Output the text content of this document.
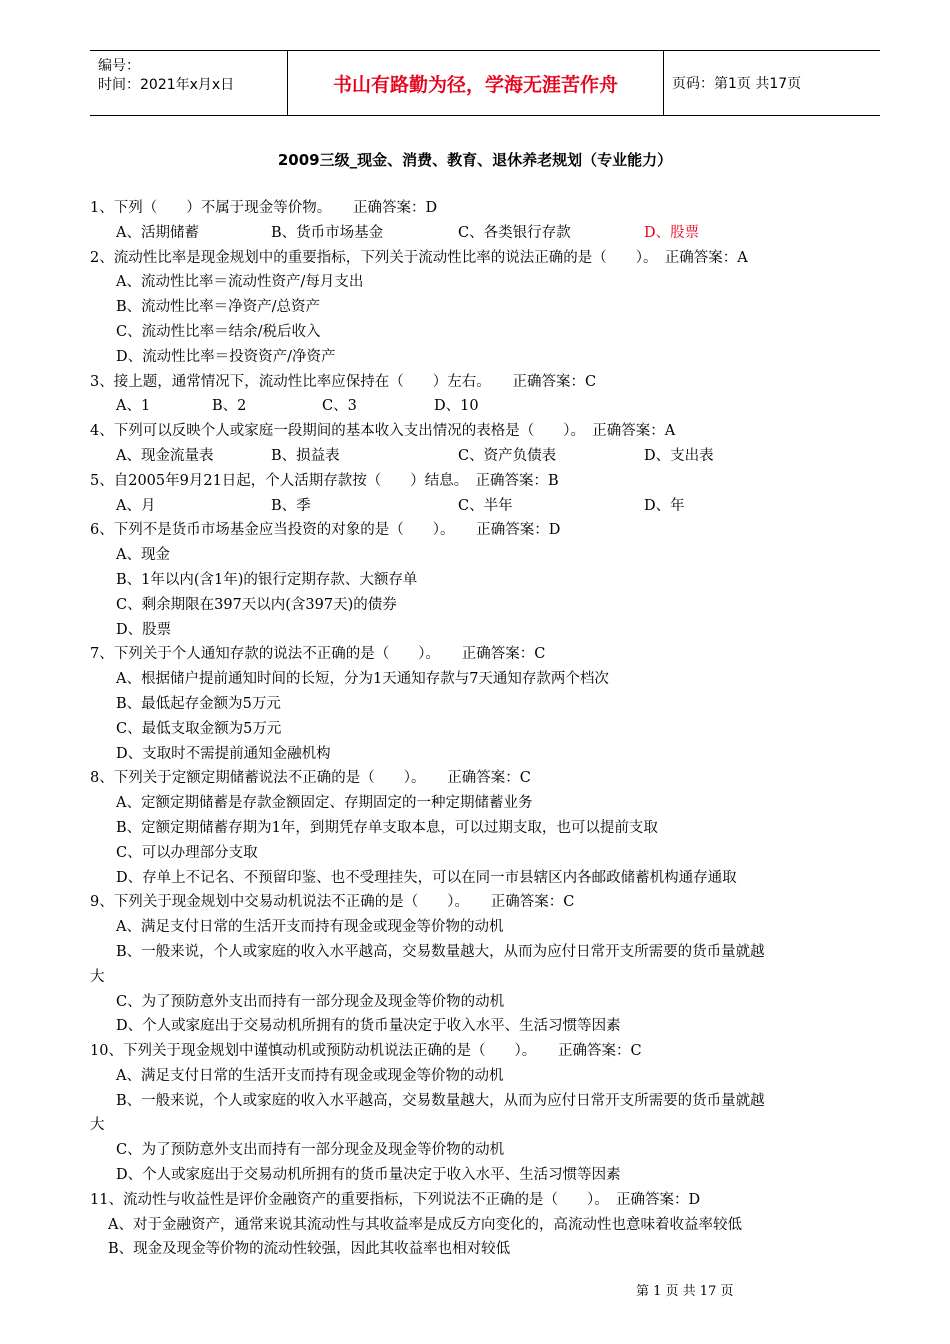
编号：
时间：2021年x月x日	书山有路勤为径，学海无涯苦作舟	页码：第1页 共17页
2009三级_现金、消费、教育、退休养老规划（专业能力）
1、下列（　　）不属于现金等价物。　　正确答案：D
A、活期储蓄	B、货币市场基金	C、各类银行存款	D、股票
2、流动性比率是现金规划中的重要指标，下列关于流动性比率的说法正确的是（　　）。　正确答案：A
A、流动性比率＝流动性资产/每月支出
B、流动性比率＝净资产/总资产
C、流动性比率＝结余/税后收入
D、流动性比率＝投资资产/净资产
3、接上题，通常情况下，流动性比率应保持在（　　）左右。　　正确答案：C
A、1	B、2	C、3	D、10
4、下列可以反映个人或家庭一段期间的基本收入支出情况的表格是（　　）。　正确答案：A
A、现金流量表	B、损益表	C、资产负债表	D、支出表
5、自2005年9月21日起，个人活期存款按（　　）结息。　正确答案：B
A、月	B、季	C、半年	D、年
6、下列不是货币市场基金应当投资的对象的是（　　）。　　正确答案：D
A、现金
B、1年以内(含1年)的银行定期存款、大额存单
C、剩余期限在397天以内(含397天)的债券
D、股票
7、下列关于个人通知存款的说法不正确的是（　　）。　　正确答案：C
A、根据储户提前通知时间的长短，分为1天通知存款与7天通知存款两个档次
B、最低起存金额为5万元
C、最低支取金额为5万元
D、支取时不需提前通知金融机构
8、下列关于定额定期储蓄说法不正确的是（　　）。　　正确答案：C
A、定额定期储蓄是存款金额固定、存期固定的一种定期储蓄业务
B、定额定期储蓄存期为1年，到期凭存单支取本息，可以过期支取，也可以提前支取
C、可以办理部分支取
D、存单上不记名、不预留印鉴、也不受理挂失，可以在同一市县辖区内各邮政储蓄机构通存通取
9、下列关于现金规划中交易动机说法不正确的是（　　）。　　正确答案：C
A、满足支付日常的生活开支而持有现金或现金等价物的动机
B、一般来说，个人或家庭的收入水平越高，交易数量越大，从而为应付日常开支所需要的货币量就越
大
C、为了预防意外支出而持有一部分现金及现金等价物的动机
D、个人或家庭出于交易动机所拥有的货币量决定于收入水平、生活习惯等因素
10、下列关于现金规划中谨慎动机或预防动机说法正确的是（　　）。　　正确答案：C
A、满足支付日常的生活开支而持有现金或现金等价物的动机
B、一般来说，个人或家庭的收入水平越高，交易数量越大，从而为应付日常开支所需要的货币量就越
大
C、为了预防意外支出而持有一部分现金及现金等价物的动机
D、个人或家庭出于交易动机所拥有的货币量决定于收入水平、生活习惯等因素
11、流动性与收益性是评价金融资产的重要指标，下列说法不正确的是（　　）。　正确答案：D
A、对于金融资产，通常来说其流动性与其收益率是成反方向变化的，高流动性也意味着收益率较低
B、现金及现金等价物的流动性较强，因此其收益率也相对较低
第 1 页 共 17 页
